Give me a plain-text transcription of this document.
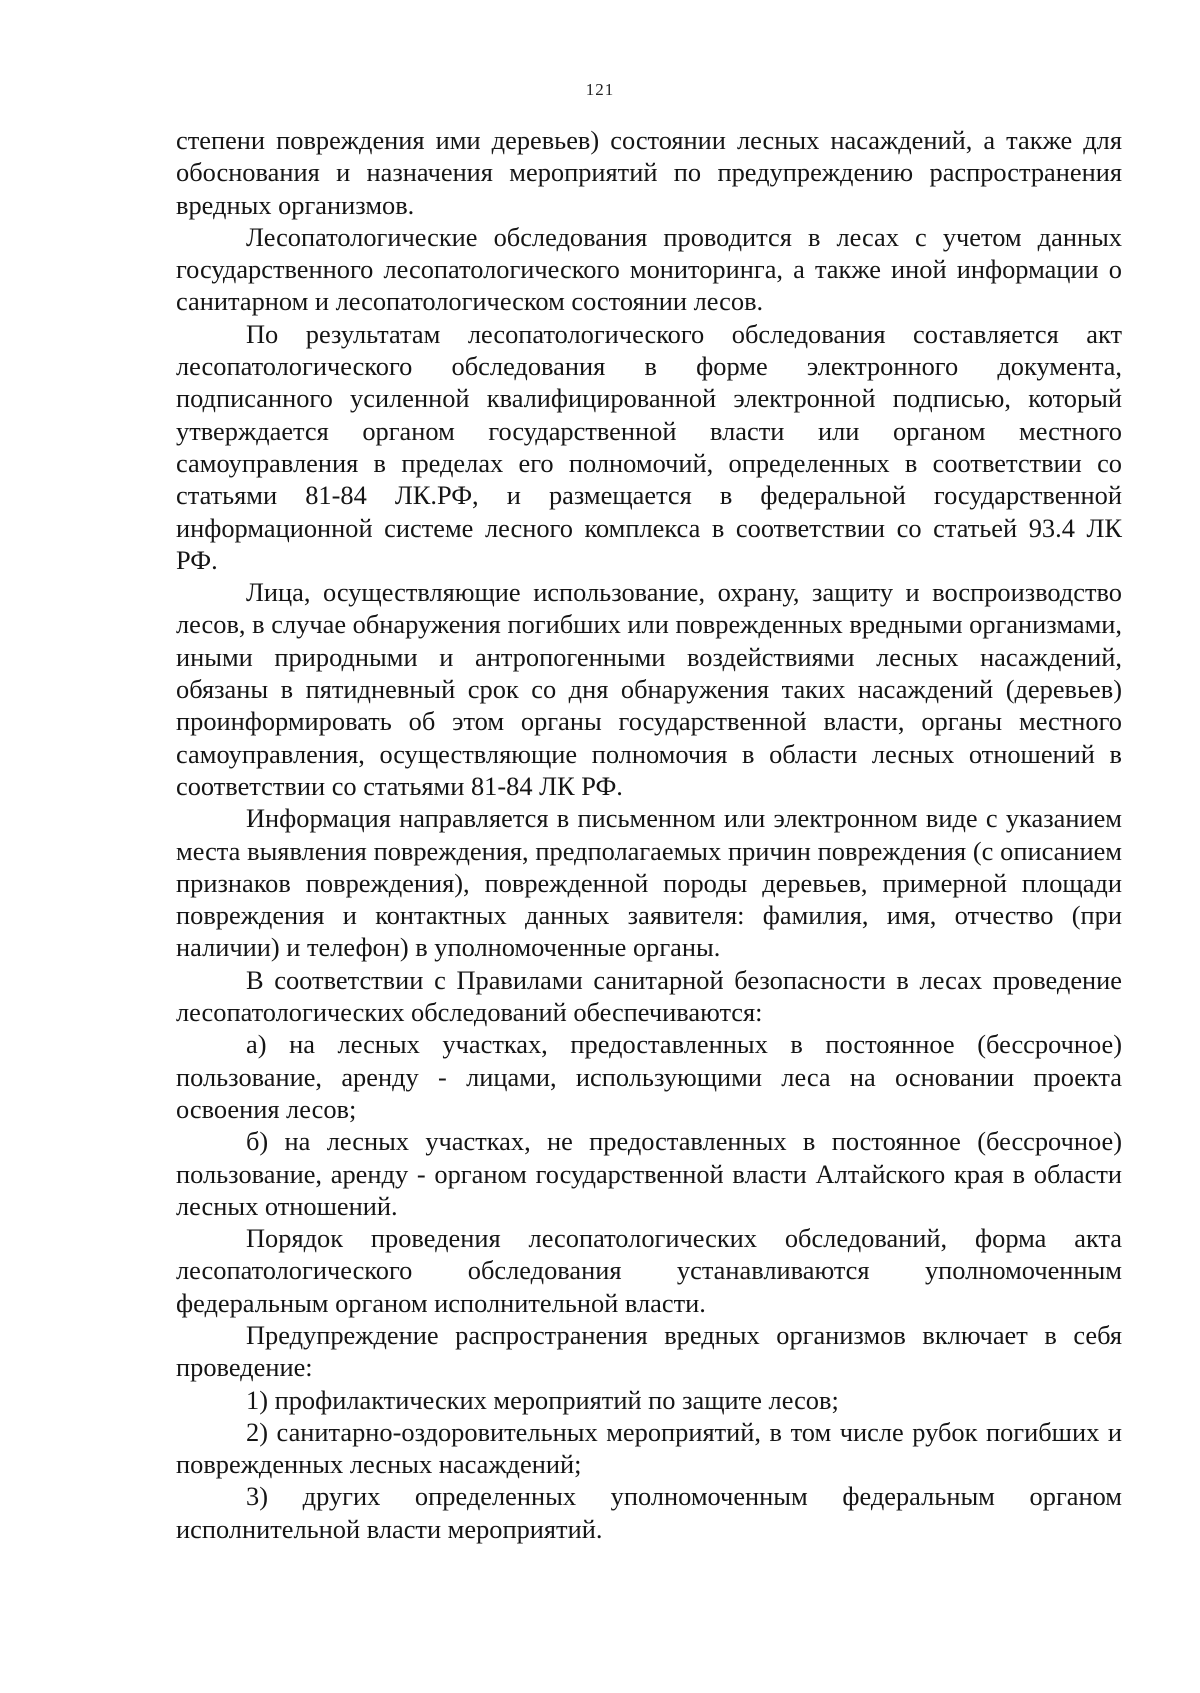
121

степени повреждения ими деревьев) состоянии лесных насаждений, а также для обоснования и назначения мероприятий по предупреждению распространения вредных организмов.

Лесопатологические обследования проводится в лесах с учетом данных государственного лесопатологического мониторинга, а также иной информации о санитарном и лесопатологическом состоянии лесов.

По результатам лесопатологического обследования составляется акт лесопатологического обследования в форме электронного документа, подписанного усиленной квалифицированной электронной подписью, который утверждается органом государственной власти или органом местного самоуправления в пределах его полномочий, определенных в соответствии со статьями 81-84 ЛК.РФ, и размещается в федеральной государственной информационной системе лесного комплекса в соответствии со статьей 93.4 ЛК РФ.

Лица, осуществляющие использование, охрану, защиту и воспроизводство лесов, в случае обнаружения погибших или поврежденных вредными организмами, иными природными и антропогенными воздействиями лесных насаждений, обязаны в пятидневный срок со дня обнаружения таких насаждений (деревьев) проинформировать об этом органы государственной власти, органы местного самоуправления, осуществляющие полномочия в области лесных отношений в соответствии со статьями 81-84 ЛК РФ.

Информация направляется в письменном или электронном виде с указанием места выявления повреждения, предполагаемых причин повреждения (с описанием признаков повреждения), поврежденной породы деревьев, примерной площади повреждения и контактных данных заявителя: фамилия, имя, отчество (при наличии) и телефон) в уполномоченные органы.

В соответствии с Правилами санитарной безопасности в лесах проведение лесопатологических обследований обеспечиваются:

а) на лесных участках, предоставленных в постоянное (бессрочное) пользование, аренду - лицами, использующими леса на основании проекта освоения лесов;

б) на лесных участках, не предоставленных в постоянное (бессрочное) пользование, аренду - органом государственной власти Алтайского края в области лесных отношений.

Порядок проведения лесопатологических обследований, форма акта лесопатологического обследования устанавливаются уполномоченным федеральным органом исполнительной власти.

Предупреждение распространения вредных организмов включает в себя проведение:

1) профилактических мероприятий по защите лесов;

2) санитарно-оздоровительных мероприятий, в том числе рубок погибших и поврежденных лесных насаждений;

3) других определенных уполномоченным федеральным органом исполнительной власти мероприятий.
